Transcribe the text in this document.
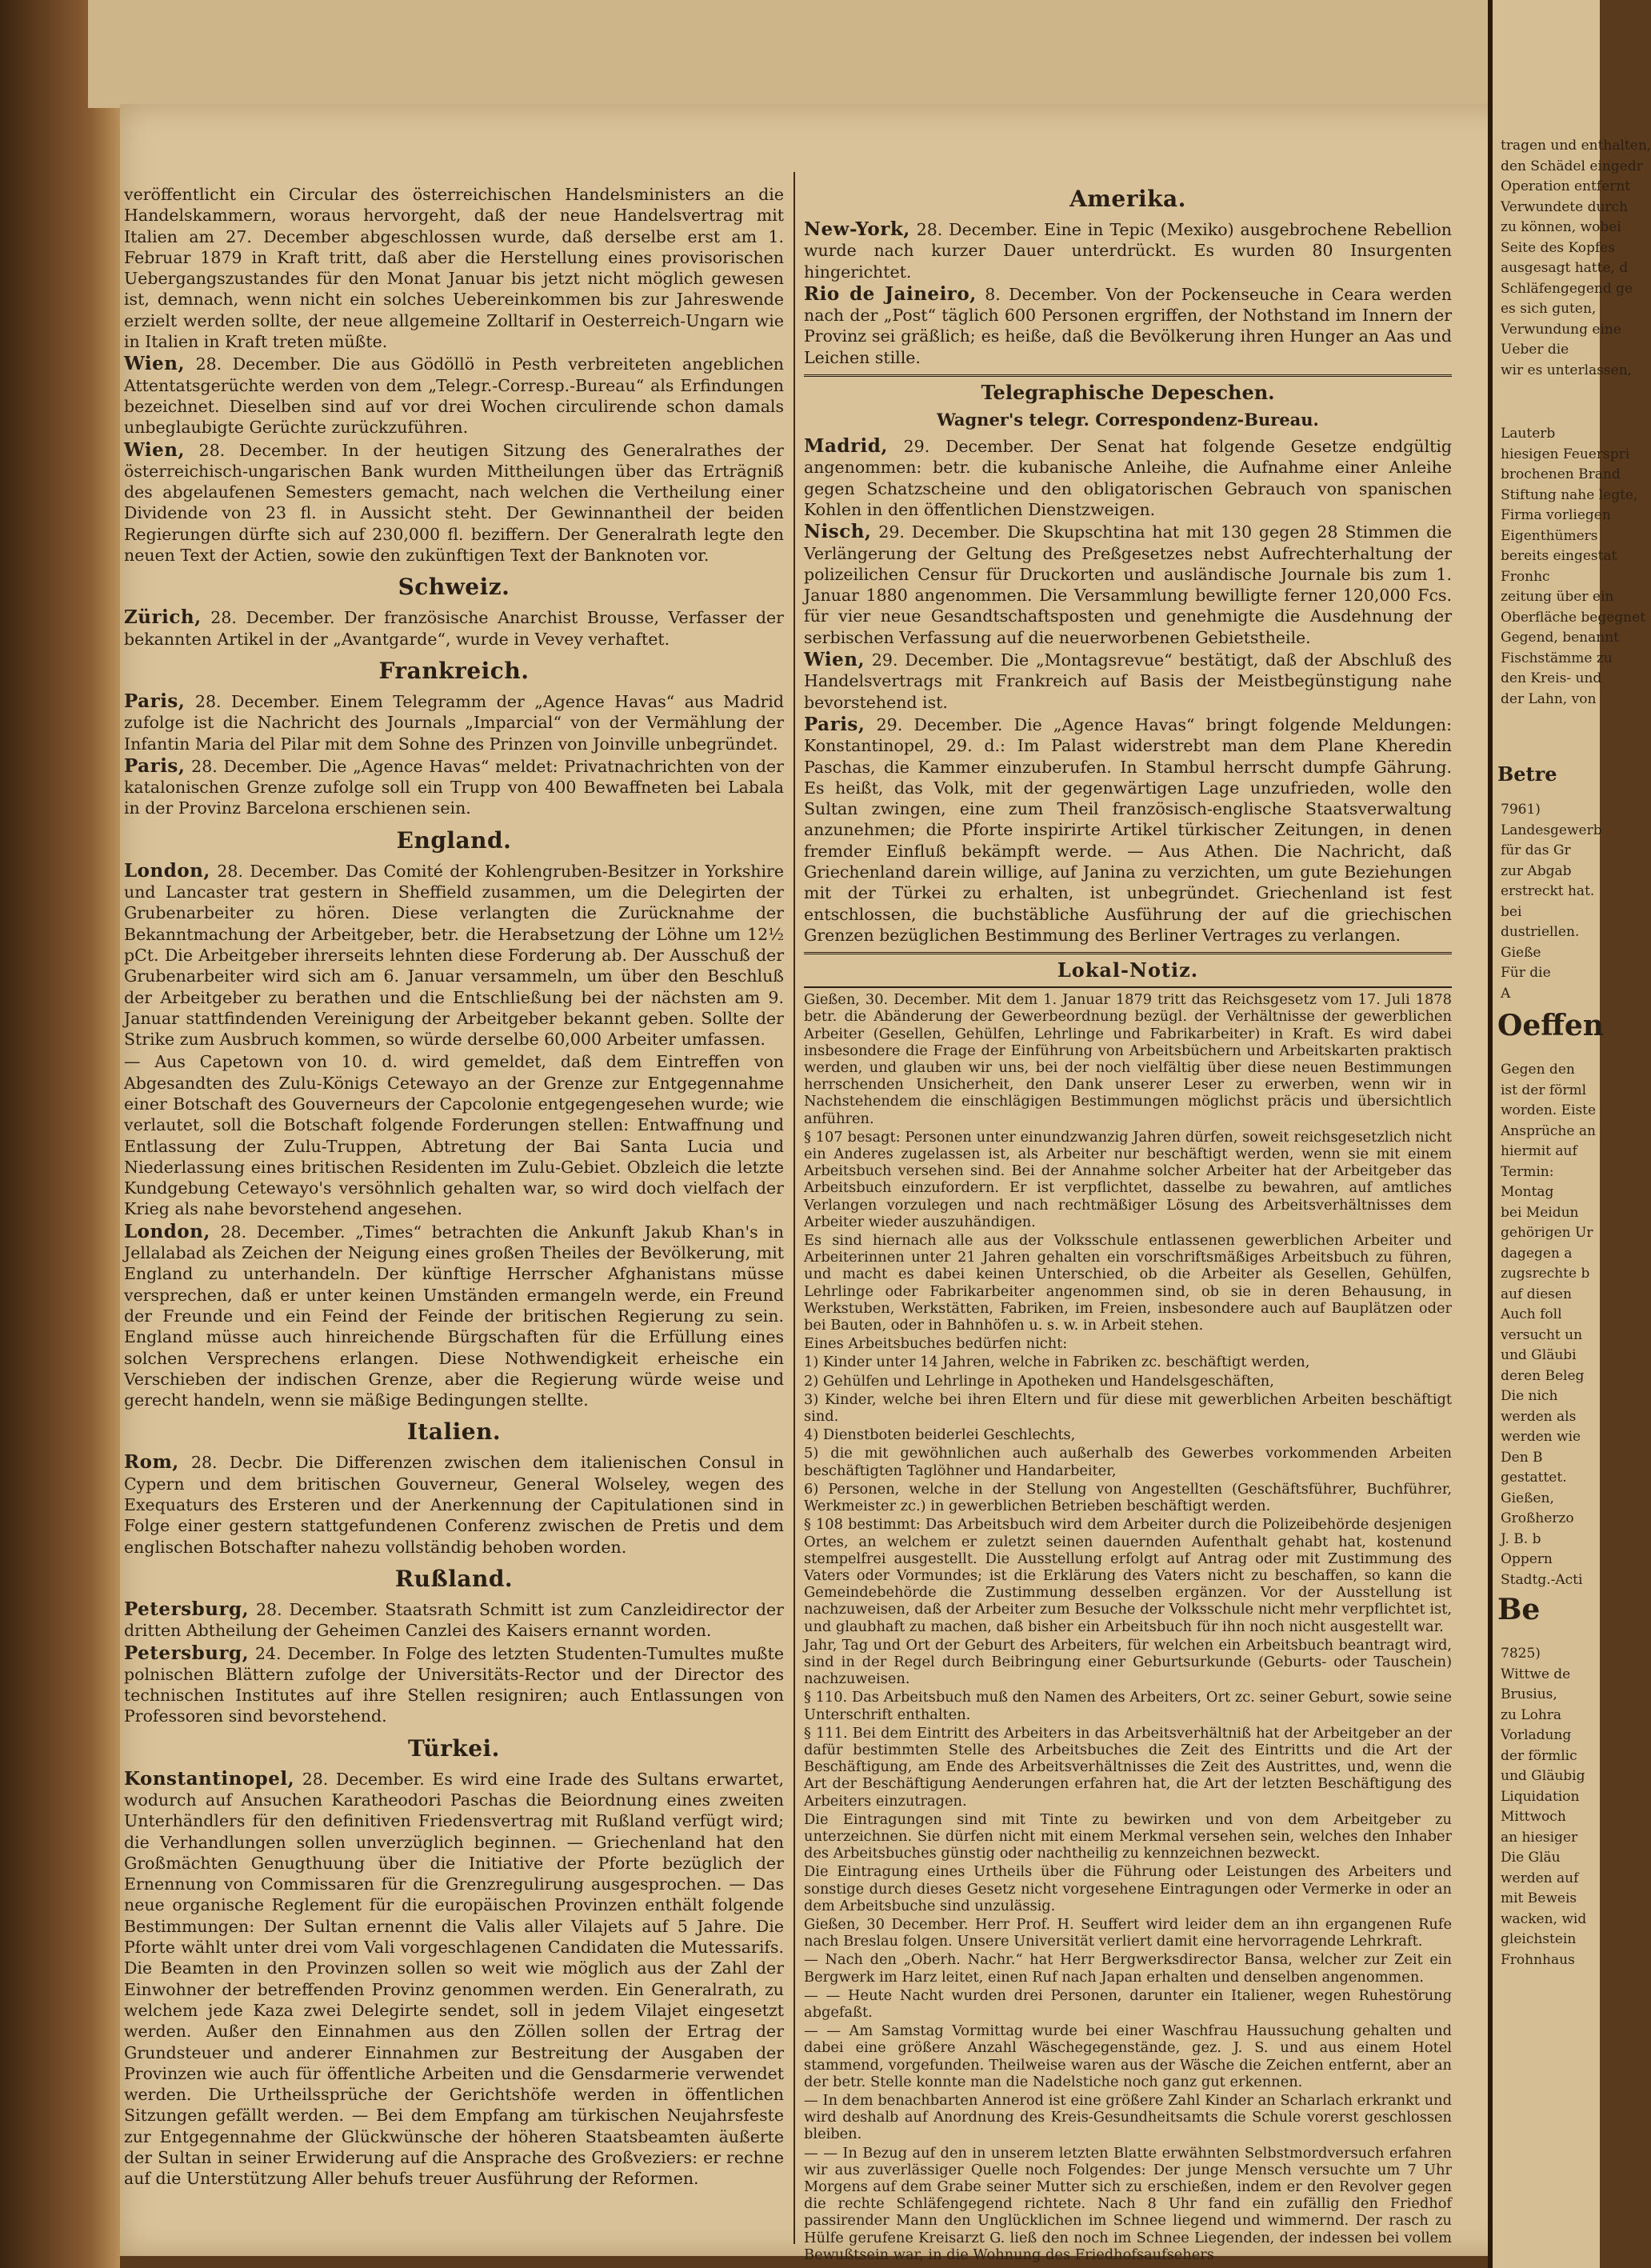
veröffentlicht ein Circular des österreichischen Handelsministers an die Handelskammern, woraus hervorgeht, daß der neue Handelsvertrag mit Italien am 27. December abgeschlossen wurde, daß derselbe erst am 1. Februar 1879 in Kraft tritt, daß aber die Herstellung eines provisorischen Uebergangszustandes für den Monat Januar bis jetzt nicht möglich gewesen ist, demnach, wenn nicht ein solches Uebereinkommen bis zur Jahreswende erzielt werden sollte, der neue allgemeine Zolltarif in Oesterreich-Ungarn wie in Italien in Kraft treten müßte.

Wien, 28. December. Die aus Gödöllö in Pesth verbreiteten angeblichen Attentatsgerüchte werden von dem „Telegr.-Corresp.-Bureau“ als Erfindungen bezeichnet. Dieselben sind auf vor drei Wochen circulirende schon damals unbeglaubigte Gerüchte zurückzuführen.

Wien, 28. December. In der heutigen Sitzung des Generalrathes der österreichisch-ungarischen Bank wurden Mittheilungen über das Erträgniß des abgelaufenen Semesters gemacht, nach welchen die Vertheilung einer Dividende von 23 fl. in Aussicht steht. Der Gewinnantheil der beiden Regierungen dürfte sich auf 230,000 fl. beziffern. Der Generalrath legte den neuen Text der Actien, sowie den zukünftigen Text der Banknoten vor.

Schweiz.

Zürich, 28. December. Der französische Anarchist Brousse, Verfasser der bekannten Artikel in der „Avantgarde“, wurde in Vevey verhaftet.

Frankreich.

Paris, 28. December. Einem Telegramm der „Agence Havas“ aus Madrid zufolge ist die Nachricht des Journals „Imparcial“ von der Vermählung der Infantin Maria del Pilar mit dem Sohne des Prinzen von Joinville unbegründet.

Paris, 28. December. Die „Agence Havas“ meldet: Privatnachrichten von der katalonischen Grenze zufolge soll ein Trupp von 400 Bewaffneten bei Labala in der Provinz Barcelona erschienen sein.

England.

London, 28. December. Das Comité der Kohlengruben-Besitzer in Yorkshire und Lancaster trat gestern in Sheffield zusammen, um die Delegirten der Grubenarbeiter zu hören. Diese verlangten die Zurücknahme der Bekanntmachung der Arbeitgeber, betr. die Herabsetzung der Löhne um 12½ pCt. Die Arbeitgeber ihrerseits lehnten diese Forderung ab. Der Ausschuß der Grubenarbeiter wird sich am 6. Januar versammeln, um über den Beschluß der Arbeitgeber zu berathen und die Entschließung bei der nächsten am 9. Januar stattfindenden Vereinigung der Arbeitgeber bekannt geben. Sollte der Strike zum Ausbruch kommen, so würde derselbe 60,000 Arbeiter umfassen.

— Aus Capetown von 10. d. wird gemeldet, daß dem Eintreffen von Abgesandten des Zulu-Königs Cetewayo an der Grenze zur Entgegennahme einer Botschaft des Gouverneurs der Capcolonie entgegengesehen wurde; wie verlautet, soll die Botschaft folgende Forderungen stellen: Entwaffnung und Entlassung der Zulu-Truppen, Abtretung der Bai Santa Lucia und Niederlassung eines britischen Residenten im Zulu-Gebiet. Obzleich die letzte Kundgebung Cetewayo's versöhnlich gehalten war, so wird doch vielfach der Krieg als nahe bevorstehend angesehen.

London, 28. December. „Times“ betrachten die Ankunft Jakub Khan's in Jellalabad als Zeichen der Neigung eines großen Theiles der Bevölkerung, mit England zu unterhandeln. Der künftige Herrscher Afghanistans müsse versprechen, daß er unter keinen Umständen ermangeln werde, ein Freund der Freunde und ein Feind der Feinde der britischen Regierung zu sein. England müsse auch hinreichende Bürgschaften für die Erfüllung eines solchen Versprechens erlangen. Diese Nothwendigkeit erheische ein Verschieben der indischen Grenze, aber die Regierung würde weise und gerecht handeln, wenn sie mäßige Bedingungen stellte.

Italien.

Rom, 28. Decbr. Die Differenzen zwischen dem italienischen Consul in Cypern und dem britischen Gouverneur, General Wolseley, wegen des Exequaturs des Ersteren und der Anerkennung der Capitulationen sind in Folge einer gestern stattgefundenen Conferenz zwischen de Pretis und dem englischen Botschafter nahezu vollständig behoben worden.

Rußland.

Petersburg, 28. December. Staatsrath Schmitt ist zum Canzleidirector der dritten Abtheilung der Geheimen Canzlei des Kaisers ernannt worden.

Petersburg, 24. December. In Folge des letzten Studenten-Tumultes mußte polnischen Blättern zufolge der Universitäts-Rector und der Director des technischen Institutes auf ihre Stellen resigniren; auch Entlassungen von Professoren sind bevorstehend.

Türkei.

Konstantinopel, 28. December. Es wird eine Irade des Sultans erwartet, wodurch auf Ansuchen Karatheodori Paschas die Beiordnung eines zweiten Unterhändlers für den definitiven Friedensvertrag mit Rußland verfügt wird; die Verhandlungen sollen unverzüglich beginnen. — Griechenland hat den Großmächten Genugthuung über die Initiative der Pforte bezüglich der Ernennung von Commissaren für die Grenzregulirung ausgesprochen. — Das neue organische Reglement für die europäischen Provinzen enthält folgende Bestimmungen: Der Sultan ernennt die Valis aller Vilajets auf 5 Jahre. Die Pforte wählt unter drei vom Vali vorgeschlagenen Candidaten die Mutessarifs. Die Beamten in den Provinzen sollen so weit wie möglich aus der Zahl der Einwohner der betreffenden Provinz genommen werden. Ein Generalrath, zu welchem jede Kaza zwei Delegirte sendet, soll in jedem Vilajet eingesetzt werden. Außer den Einnahmen aus den Zöllen sollen der Ertrag der Grundsteuer und anderer Einnahmen zur Bestreitung der Ausgaben der Provinzen wie auch für öffentliche Arbeiten und die Gensdarmerie verwendet werden. Die Urtheilssprüche der Gerichtshöfe werden in öffentlichen Sitzungen gefällt werden. — Bei dem Empfang am türkischen Neujahrsfeste zur Entgegennahme der Glückwünsche der höheren Staatsbeamten äußerte der Sultan in seiner Erwiderung auf die Ansprache des Großveziers: er rechne auf die Unterstützung Aller behufs treuer Ausführung der Reformen.

Amerika.

New-York, 28. December. Eine in Tepic (Mexiko) ausgebrochene Rebellion wurde nach kurzer Dauer unterdrückt. Es wurden 80 Insurgenten hingerichtet.

Rio de Jaineiro, 8. December. Von der Pockenseuche in Ceara werden nach der „Post“ täglich 600 Personen ergriffen, der Nothstand im Innern der Provinz sei gräßlich; es heiße, daß die Bevölkerung ihren Hunger an Aas und Leichen stille.

Telegraphische Depeschen.
Wagner's telegr. Correspondenz-Bureau.

Madrid, 29. December. Der Senat hat folgende Gesetze endgültig angenommen: betr. die kubanische Anleihe, die Aufnahme einer Anleihe gegen Schatzscheine und den obligatorischen Gebrauch von spanischen Kohlen in den öffentlichen Dienstzweigen.

Nisch, 29. December. Die Skupschtina hat mit 130 gegen 28 Stimmen die Verlängerung der Geltung des Preßgesetzes nebst Aufrechterhaltung der polizeilichen Censur für Druckorten und ausländische Journale bis zum 1. Januar 1880 angenommen. Die Versammlung bewilligte ferner 120,000 Fcs. für vier neue Gesandtschaftsposten und genehmigte die Ausdehnung der serbischen Verfassung auf die neuerworbenen Gebietstheile.

Wien, 29. December. Die „Montagsrevue“ bestätigt, daß der Abschluß des Handelsvertrags mit Frankreich auf Basis der Meistbegünstigung nahe bevorstehend ist.

Paris, 29. December. Die „Agence Havas“ bringt folgende Meldungen: Konstantinopel, 29. d.: Im Palast widerstrebt man dem Plane Kheredin Paschas, die Kammer einzuberufen. In Stambul herrscht dumpfe Gährung. Es heißt, das Volk, mit der gegenwärtigen Lage unzufrieden, wolle den Sultan zwingen, eine zum Theil französisch-englische Staatsverwaltung anzunehmen; die Pforte inspirirte Artikel türkischer Zeitungen, in denen fremder Einfluß bekämpft werde. — Aus Athen. Die Nachricht, daß Griechenland darein willige, auf Janina zu verzichten, um gute Beziehungen mit der Türkei zu erhalten, ist unbegründet. Griechenland ist fest entschlossen, die buchstäbliche Ausführung der auf die griechischen Grenzen bezüglichen Bestimmung des Berliner Vertrages zu verlangen.

Lokal-Notiz.

Gießen, 30. December. Mit dem 1. Januar 1879 tritt das Reichsgesetz vom 17. Juli 1878 betr. die Abänderung der Gewerbeordnung bezügl. der Verhältnisse der gewerblichen Arbeiter (Gesellen, Gehülfen, Lehrlinge und Fabrikarbeiter) in Kraft. Es wird dabei insbesondere die Frage der Einführung von Arbeitsbüchern und Arbeitskarten praktisch werden, und glauben wir uns, bei der noch vielfältig über diese neuen Bestimmungen herrschenden Unsicherheit, den Dank unserer Leser zu erwerben, wenn wir in Nachstehendem die einschlägigen Bestimmungen möglichst präcis und übersichtlich anführen.

§ 107 besagt: Personen unter einundzwanzig Jahren dürfen, soweit reichsgesetzlich nicht ein Anderes zugelassen ist, als Arbeiter nur beschäftigt werden, wenn sie mit einem Arbeitsbuch versehen sind. Bei der Annahme solcher Arbeiter hat der Arbeitgeber das Arbeitsbuch einzufordern. Er ist verpflichtet, dasselbe zu bewahren, auf amtliches Verlangen vorzulegen und nach rechtmäßiger Lösung des Arbeitsverhältnisses dem Arbeiter wieder auszuhändigen.

Es sind hiernach alle aus der Volksschule entlassenen gewerblichen Arbeiter und Arbeiterinnen unter 21 Jahren gehalten ein vorschriftsmäßiges Arbeitsbuch zu führen, und macht es dabei keinen Unterschied, ob die Arbeiter als Gesellen, Gehülfen, Lehrlinge oder Fabrikarbeiter angenommen sind, ob sie in deren Behausung, in Werkstuben, Werkstätten, Fabriken, im Freien, insbesondere auch auf Bauplätzen oder bei Bauten, oder in Bahnhöfen u. s. w. in Arbeit stehen.

Eines Arbeitsbuches bedürfen nicht:

1) Kinder unter 14 Jahren, welche in Fabriken zc. beschäftigt werden,

2) Gehülfen und Lehrlinge in Apotheken und Handelsgeschäften,

3) Kinder, welche bei ihren Eltern und für diese mit gewerblichen Arbeiten beschäftigt sind.

4) Dienstboten beiderlei Geschlechts,

5) die mit gewöhnlichen auch außerhalb des Gewerbes vorkommenden Arbeiten beschäftigten Taglöhner und Handarbeiter,

6) Personen, welche in der Stellung von Angestellten (Geschäftsführer, Buchführer, Werkmeister zc.) in gewerblichen Betrieben beschäftigt werden.

§ 108 bestimmt: Das Arbeitsbuch wird dem Arbeiter durch die Polizeibehörde desjenigen Ortes, an welchem er zuletzt seinen dauernden Aufenthalt gehabt hat, kostenund stempelfrei ausgestellt. Die Ausstellung erfolgt auf Antrag oder mit Zustimmung des Vaters oder Vormundes; ist die Erklärung des Vaters nicht zu beschaffen, so kann die Gemeindebehörde die Zustimmung desselben ergänzen. Vor der Ausstellung ist nachzuweisen, daß der Arbeiter zum Besuche der Volksschule nicht mehr verpflichtet ist, und glaubhaft zu machen, daß bisher ein Arbeitsbuch für ihn noch nicht ausgestellt war.

Jahr, Tag und Ort der Geburt des Arbeiters, für welchen ein Arbeitsbuch beantragt wird, sind in der Regel durch Beibringung einer Geburtsurkunde (Geburts- oder Tauschein) nachzuweisen.

§ 110. Das Arbeitsbuch muß den Namen des Arbeiters, Ort zc. seiner Geburt, sowie seine Unterschrift enthalten.

§ 111. Bei dem Eintritt des Arbeiters in das Arbeitsverhältniß hat der Arbeitgeber an der dafür bestimmten Stelle des Arbeitsbuches die Zeit des Eintritts und die Art der Beschäftigung, am Ende des Arbeitsverhältnisses die Zeit des Austrittes, und, wenn die Art der Beschäftigung Aenderungen erfahren hat, die Art der letzten Beschäftigung des Arbeiters einzutragen.

Die Eintragungen sind mit Tinte zu bewirken und von dem Arbeitgeber zu unterzeichnen. Sie dürfen nicht mit einem Merkmal versehen sein, welches den Inhaber des Arbeitsbuches günstig oder nachtheilig zu kennzeichnen bezweckt.

Die Eintragung eines Urtheils über die Führung oder Leistungen des Arbeiters und sonstige durch dieses Gesetz nicht vorgesehene Eintragungen oder Vermerke in oder an dem Arbeitsbuche sind unzulässig.

Gießen, 30 December. Herr Prof. H. Seuffert wird leider dem an ihn ergangenen Rufe nach Breslau folgen. Unsere Universität verliert damit eine hervorragende Lehrkraft.

— Nach den „Oberh. Nachr.“ hat Herr Bergwerksdirector Bansa, welcher zur Zeit ein Bergwerk im Harz leitet, einen Ruf nach Japan erhalten und denselben angenommen.

— — Heute Nacht wurden drei Personen, darunter ein Italiener, wegen Ruhestörung abgefaßt.

— — Am Samstag Vormittag wurde bei einer Waschfrau Haussuchung gehalten und dabei eine größere Anzahl Wäschegegenstände, gez. J. S. und aus einem Hotel stammend, vorgefunden. Theilweise waren aus der Wäsche die Zeichen entfernt, aber an der betr. Stelle konnte man die Nadelstiche noch ganz gut erkennen.

— In dem benachbarten Annerod ist eine größere Zahl Kinder an Scharlach erkrankt und wird deshalb auf Anordnung des Kreis-Gesundheitsamts die Schule vorerst geschlossen bleiben.

— — In Bezug auf den in unserem letzten Blatte erwähnten Selbstmordversuch erfahren wir aus zuverlässiger Quelle noch Folgendes: Der junge Mensch versuchte um 7 Uhr Morgens auf dem Grabe seiner Mutter sich zu erschießen, indem er den Revolver gegen die rechte Schläfengegend richtete. Nach 8 Uhr fand ein zufällig den Friedhof passirender Mann den Unglücklichen im Schnee liegend und wimmernd. Der rasch zu Hülfe gerufene Kreisarzt G. ließ den noch im Schnee Liegenden, der indessen bei vollem Bewußtsein war, in die Wohnung des Friedhofsaufsehers

tragen und enthalten,
den Schädel eingedr
Operation entfernt
Verwundete durch
zu können, wobei
Seite des Kopfes
ausgesagt hatte, d
Schläfengegend ge
es sich guten,
Verwundung eine
Ueber die
wir es unterlassen,
Lauterb
hiesigen Feuerspri
brochenen Brand
Stiftung nahe legte,
Firma vorliegen
Eigenthümers
bereits eingestat
Fronhc
zeitung über ein
Oberfläche begegnet
Gegend, benannt
Fischstämme zu
den Kreis- und
der Lahn, von
Betre
7961)
Landesgewerb
für das Gr
zur Abgab
erstreckt hat.
bei
dustriellen.
Gieße
Für die
A
Oeffen
Gegen den
ist der förml
worden. Eiste
Ansprüche an
hiermit auf
Termin:
Montag
bei Meidun
gehörigen Ur
dagegen a
zugsrechte b
auf diesen
Auch foll
versucht un
und Gläubi
deren Beleg
Die nich
werden als
werden wie
Den B
gestattet.
Gießen,
Großherzo
J. B. b
Oppern
Stadtg.-Acti
Be
7825)
Wittwe de
Brusius,
zu Lohra
Vorladung
der förmlic
und Gläubig
Liquidation
Mittwoch
an hiesiger
Die Gläu
werden auf
mit Beweis
wacken, wid
gleichstein
Frohnhaus
